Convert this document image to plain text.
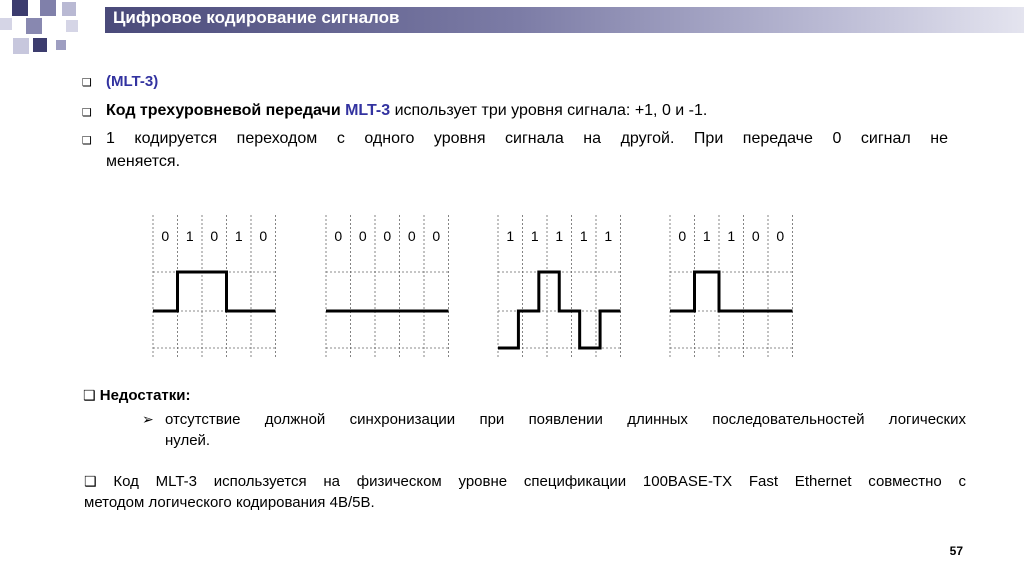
Цифровое кодирование сигналов
❑ (MLT-3)
❑ Код трехуровневой передачи MLT-3 использует три уровня сигнала: +1, 0 и -1.
❑ 1 кодируется переходом с одного уровня сигнала на другой. При передаче 0 сигнал не
меняется.
0 1 0 1 0	0 0 0 0 0	1 1 1 1 1	0 1 1 0 0
❑ Недостатки:
➢ отсутствие должной синхронизации при появлении длинных последовательностей логических
нулей.
❑ Код MLT-3 используется на физическом уровне спецификации 100BASE-TX Fast Ethernet совместно с
методом логического кодирования 4B/5B.
57
